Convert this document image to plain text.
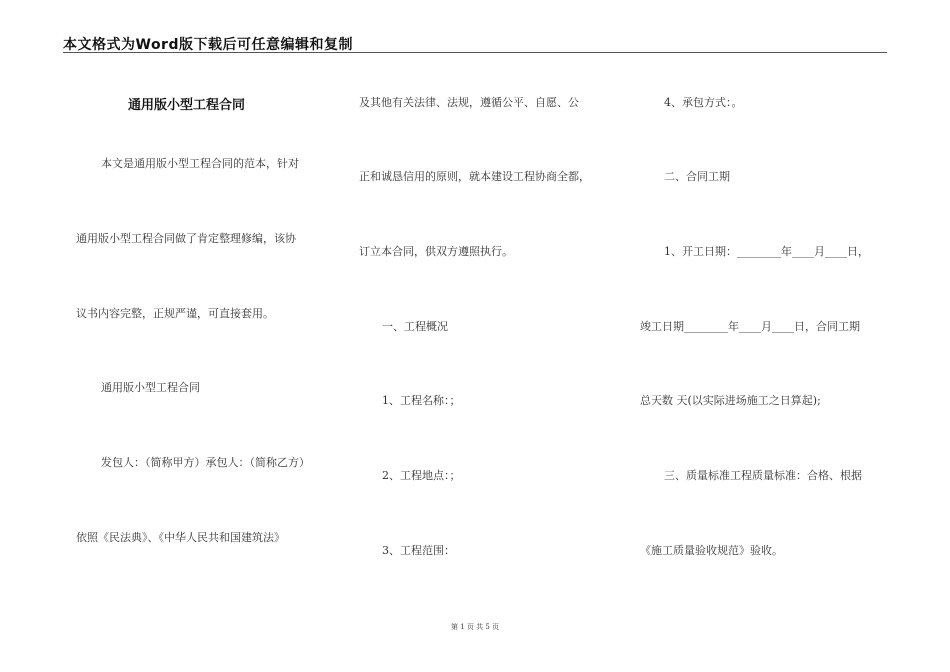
本文格式为Word版下载后可任意编辑和复制
通用版小型工程合同
本文是通用版小型工程合同的范本，针对
通用版小型工程合同做了肯定整理修编，该协
议书内容完整，正规严谨，可直接套用。
通用版小型工程合同
发包人：（简称甲方）承包人：（简称乙方）
依照《民法典》、《中华人民共和国建筑法》
及其他有关法律、法规，遵循公平、自愿、公
正和诚恳信用的原则，就本建设工程协商全都，
订立本合同，供双方遵照执行。
一、工程概况
1、工程名称：；
2、工程地点：；
3、工程范围：
4、承包方式：。
二、合同工期
1、开工日期：________年____月____日，
竣工日期________年____月____日，合同工期
总天数 天(以实际进场施工之日算起);
三、质量标准工程质量标准：合格、根据
《施工质量验收规范》验收。
第 1 页 共 5 页
